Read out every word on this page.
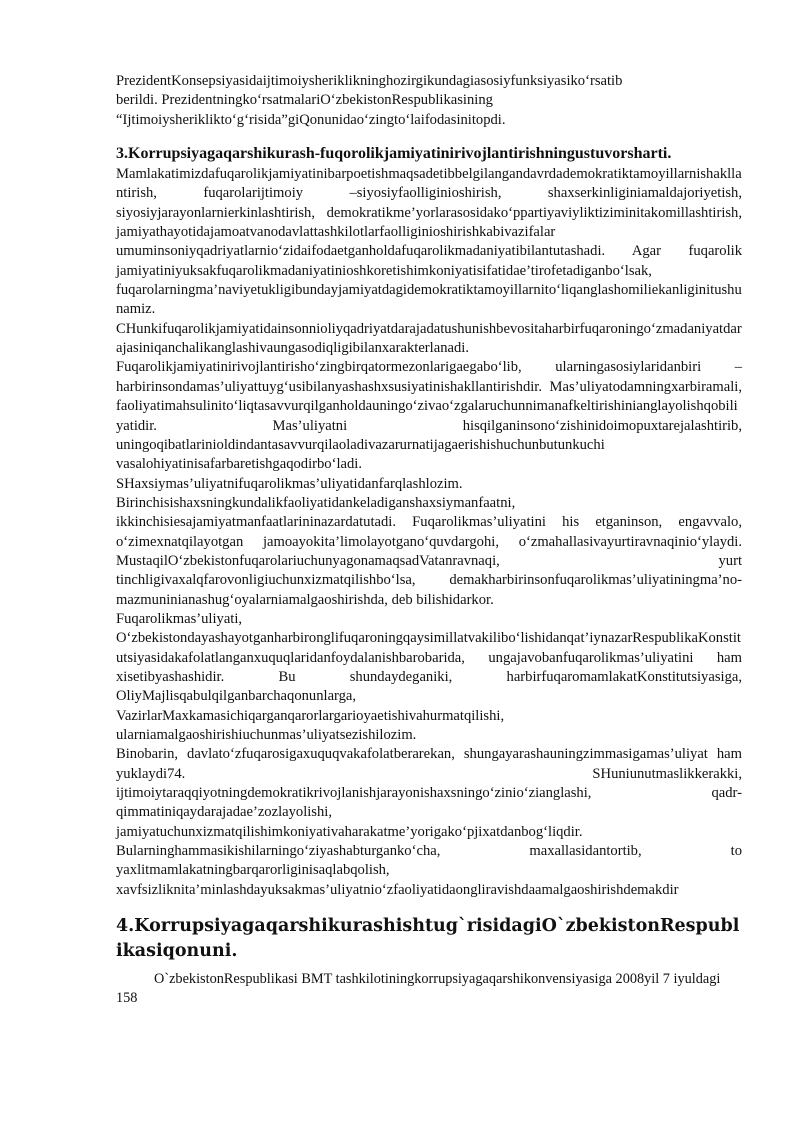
PrezidentKonsepsiyasidaijtimoiysheriklikninghozirgikundagiasosiyfunksiyasiko‘rsatib

berildi. Prezidentningko‘rsatmalariO‘zbekistonRespublikasining

“Ijtimoiysheriklikto‘g‘risida”giQonunidao‘zingto‘laifodasinitopdi.

3.Korrupsiyagaqarshikurash-fuqorolikjamiyatinirivojlantirishningustuvorsharti.

Mamlakatimizdafuqarolikjamiyatinibarpoetishmaqsadetibbelgilangandavrdademokratiktamoyillarnishakllantirish, fuqarolarijtimoiy –siyosiyfaolliginioshirish, shaxserkinliginiamaldajoriyetish, siyosiyjarayonlarnierkinlashtirish, demokratikme’yorlarasosidako‘ppartiyaviyliktiziminitakomillashtirish, jamiyathayotidajamoatvanodavlattashkilotlarfaolliginioshirishkabivazifalar umuminsoniyqadriyatlarnio‘zidaifodaetganholdafuqarolikmadaniyatibilantutashadi. Agar fuqarolik jamiyatiniyuksakfuqarolikmadaniyatinioshkoretishimkoniyatisifatidae’tirofetadiganbo‘lsak, fuqarolarningma’naviyetukligibundayjamiyatdagidemokratiktamoyillarnito‘liqanglashomiliekanliginitushunamiz.

CHunkifuqarolikjamiyatidainsonnioliyqadriyatdarajadatushunishbevositaharbirfuqaroningo‘zmadaniyatdarajasiniqanchalikanglashivaungasodiqligibilanxarakterlanadi.

Fuqarolikjamiyatinirivojlantirisho‘zingbirqatormezonlarigaegabo‘lib, ularningasosiylaridanbiri – harbirinsondamas’uliyattuyg‘usibilanyashashxsusiyatinishakllantirishdir. Mas’uliyatodamningxarbiramali, faoliyatimahsulinito‘liqtasavvurqilganholdauningo‘zivao‘zgalaruchunnimanafkeltirishinianglayolishqobiliyatidir. Mas’uliyatni hisqilganinsono‘zishinidoimopuxtarejalashtirib, uningoqibatlarinioldindantasavvurqilaoladivazarurnatijagaerishishuchunbutunkuchi vasalohiyatinisafarbaretishgaqodirbo‘ladi.

SHaxsiymas’uliyatnifuqarolikmas’uliyatidanfarqlashlozim.

Birinchisishaxsningkundalikfaoliyatidankeladiganshaxsiymanfaatni, ikkinchisiesajamiyatmanfaatlarininazardatutadi. Fuqarolikmas’uliyatini his etganinson, engavvalo, o‘zimexnatqilayotgan jamoayokita’limolayotgano‘quvdargohi, o‘zmahallasivayurtiravnaqinio‘ylaydi. MustaqilO‘zbekistonfuqarolariuchunyagonamaqsadVatanravnaqi, yurt tinchligivaxalqfarovonligiuchunxizmatqilishbo‘lsa, demakharbirinsonfuqarolikmas’uliyatiningma’no-mazmuninianashug‘oyalarniamalgaoshirishda, deb bilishidarkor.

Fuqarolikmas’uliyati, O‘zbekistondayashayotganharbironglifuqaroningqaysimillatvakilibo‘lishidanqat’iynazarRespublikaKonstitutsiyasidakafolatlanganxuquqlaridanfoydalanishbarobarida, ungajavobanfuqarolikmas’uliyatini ham xisetibyashashidir. Bu shundaydeganiki, harbirfuqaromamlakatKonstitutsiyasiga, OliyMajlisqabulqilganbarchaqonunlarga, VazirlarMaxkamasichiqarganqarorlargarioyaetishivahurmatqilishi, ularniamalgaoshirishiuchunmas’uliyatsezishilozim.

Binobarin, davlato‘zfuqarosigaxuquqvakafolatberarekan, shungayarashauningzimmasigamas’uliyat ham yuklaydi74. SHuniunutmaslikkerakki, ijtimoiytaraqqiyotningdemokratikrivojlanishjarayonishaxsningo‘zinio‘zianglashi, qadr-qimmatiniqaydarajadae’zozlayolishi, jamiyatuchunxizmatqilishimkoniyativaharakatme’yorigako‘pjixatdanbog‘liqdir.

Bularninghammasikishilarningo‘ziyashabturganko‘cha, maxallasidantortib, to yaxlitmamlakatningbarqarorliginisaqlabqolish, xavfsizliknita’minlashdayuksakmas’uliyatnio‘zfaoliyatidaongliravishdaamalgaoshirishdemakdir

4.Korrupsiyagaqarshikurashishtug`risidagiO`zbekistonRespublikasiqonuni.

O`zbekistonRespublikasi BMT tashkilotiningkorrupsiyagaqarshikonvensiyasiga 2008yil 7 iyuldagi

158
